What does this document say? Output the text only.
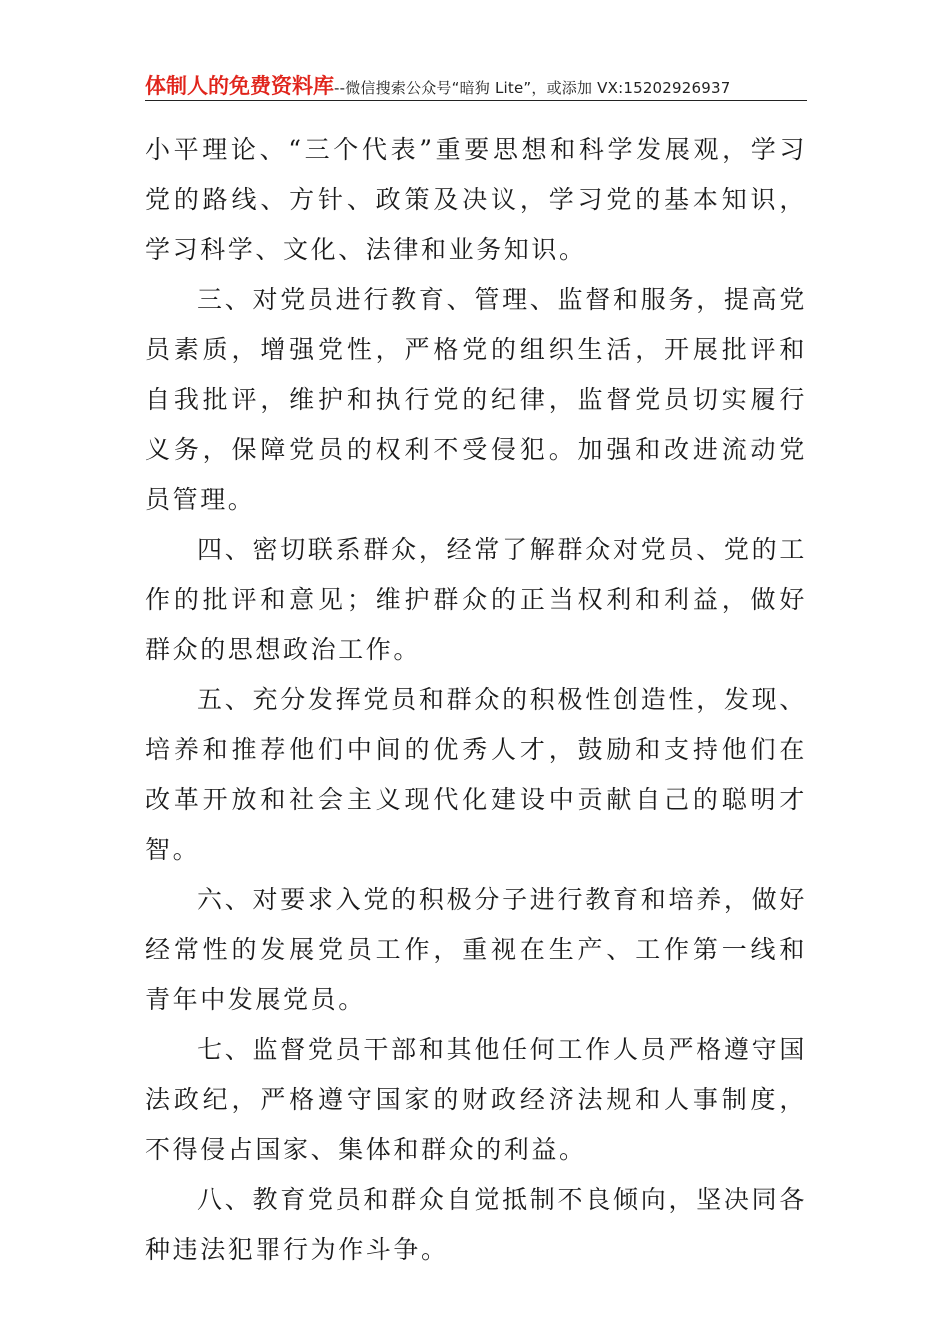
体制人的免费资料库--微信搜索公众号“暗狗 Lite”，或添加 VX:15202926937

小平理论、“三个代表”重要思想和科学发展观，学习党的路线、方针、政策及决议，学习党的基本知识，学习科学、文化、法律和业务知识。

三、对党员进行教育、管理、监督和服务，提高党员素质，增强党性，严格党的组织生活，开展批评和自我批评，维护和执行党的纪律，监督党员切实履行义务，保障党员的权利不受侵犯。加强和改进流动党员管理。

四、密切联系群众，经常了解群众对党员、党的工作的批评和意见；维护群众的正当权利和利益，做好群众的思想政治工作。

五、充分发挥党员和群众的积极性创造性，发现、培养和推荐他们中间的优秀人才，鼓励和支持他们在改革开放和社会主义现代化建设中贡献自己的聪明才智。

六、对要求入党的积极分子进行教育和培养，做好经常性的发展党员工作，重视在生产、工作第一线和青年中发展党员。

七、监督党员干部和其他任何工作人员严格遵守国法政纪，严格遵守国家的财政经济法规和人事制度，不得侵占国家、集体和群众的利益。

八、教育党员和群众自觉抵制不良倾向，坚决同各种违法犯罪行为作斗争。
